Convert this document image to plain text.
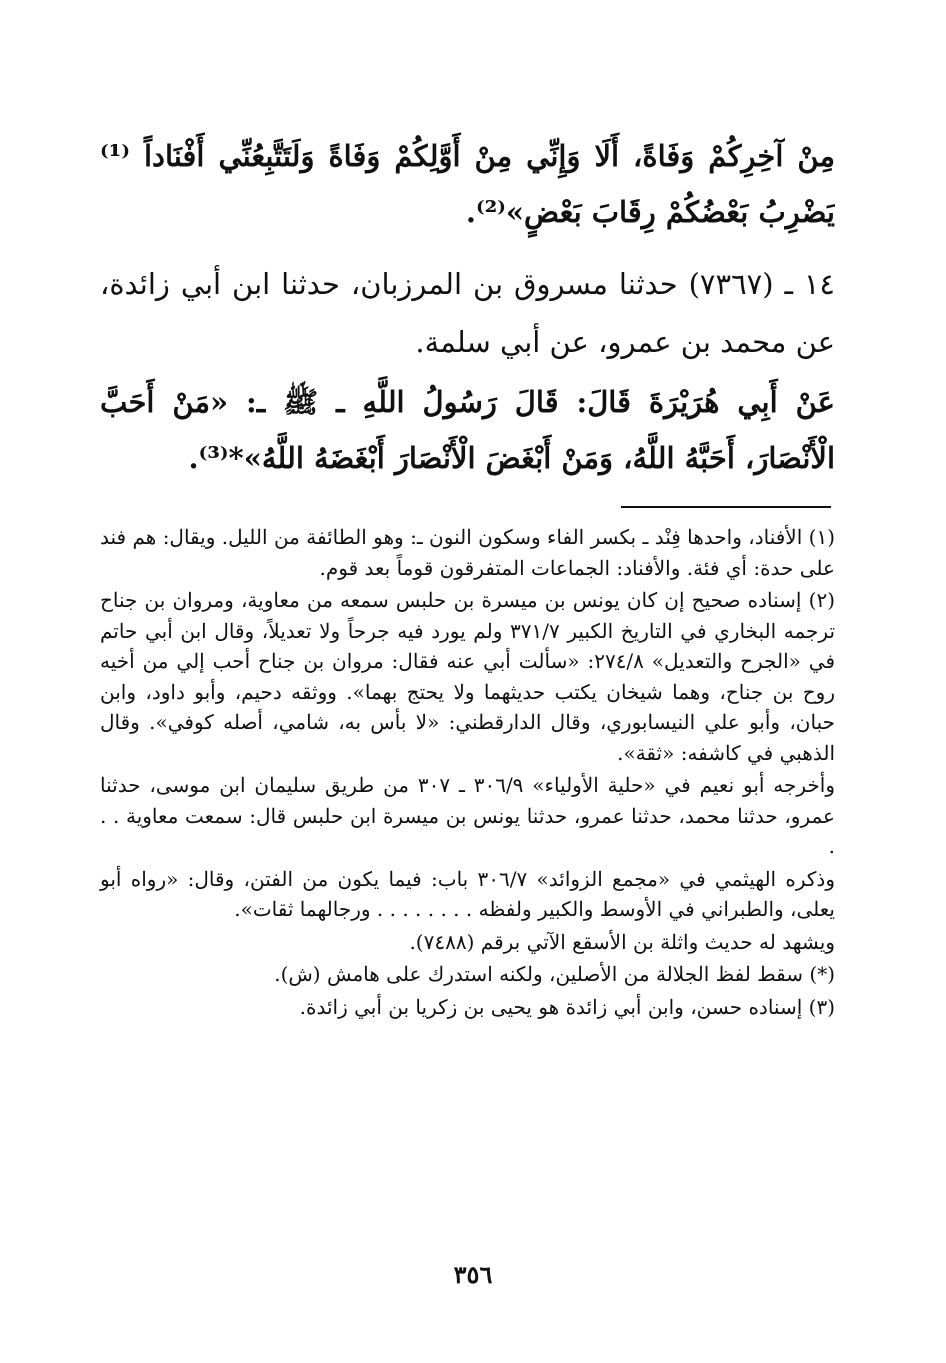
مِنْ آخِرِكُمْ وَفَاةً، أَلَا وَإِنِّي مِنْ أَوَّلِكُمْ وَفَاةً وَلَتَتَّبِعُنِّي أَفْنَاداً ⁽¹⁾
يَضْرِبُ بَعْضُكُمْ رِقَابَ بَعْضٍ»⁽²⁾.
١٤ ـ (٧٣٦٧) حدثنا مسروق بن المرزبان، حدثنا ابن أبي زائدة، عن محمد بن عمرو، عن أبي سلمة.
عَنْ أَبِي هُرَيْرَةَ قَالَ: قَالَ رَسُولُ اللَّهِ ـ ﷺ ـ: «مَنْ أَحَبَّ
الْأَنْصَارَ، أَحَبَّهُ اللَّهُ، وَمَنْ أَبْغَضَ الْأَنْصَارَ أَبْغَضَهُ اللَّهُ»*⁽³⁾.

(١) الأفناد، واحدها فِنْد ـ بكسر الفاء وسكون النون ـ: وهو الطائفة من الليل. ويقال: هم فند على حدة: أي فئة. والأفناد: الجماعات المتفرقون قوماً بعد قوم.

(٢) إسناده صحيح إن كان يونس بن ميسرة بن حلبس سمعه من معاوية، ومروان بن جناح ترجمه البخاري في التاريخ الكبير ٣٧١/٧ ولم يورد فيه جرحاً ولا تعديلاً، وقال ابن أبي حاتم في «الجرح والتعديل» ٢٧٤/٨: «سألت أبي عنه فقال: مروان بن جناح أحب إلي من أخيه روح بن جناح، وهما شيخان يكتب حديثهما ولا يحتج بهما». ووثقه دحيم، وأبو داود، وابن حبان، وأبو علي النيسابوري، وقال الدارقطني: «لا بأس به، شامي، أصله كوفي». وقال الذهبي في كاشفه: «ثقة».

وأخرجه أبو نعيم في «حلية الأولياء» ٣٠٦/٩ ـ ٣٠٧ من طريق سليمان ابن موسى، حدثنا عمرو، حدثنا محمد، حدثنا عمرو، حدثنا يونس بن ميسرة ابن حلبس قال: سمعت معاوية . . .

وذكره الهيثمي في «مجمع الزوائد» ٣٠٦/٧ باب: فيما يكون من الفتن، وقال: «رواه أبو يعلى، والطبراني في الأوسط والكبير ولفظه . . . . . . . . ورجالهما ثقات».

ويشهد له حديث واثلة بن الأسقع الآتي برقم (٧٤٨٨).

(*) سقط لفظ الجلالة من الأصلين، ولكنه استدرك على هامش (ش).

(٣) إسناده حسن، وابن أبي زائدة هو يحيى بن زكريا بن أبي زائدة.

٣٥٦
